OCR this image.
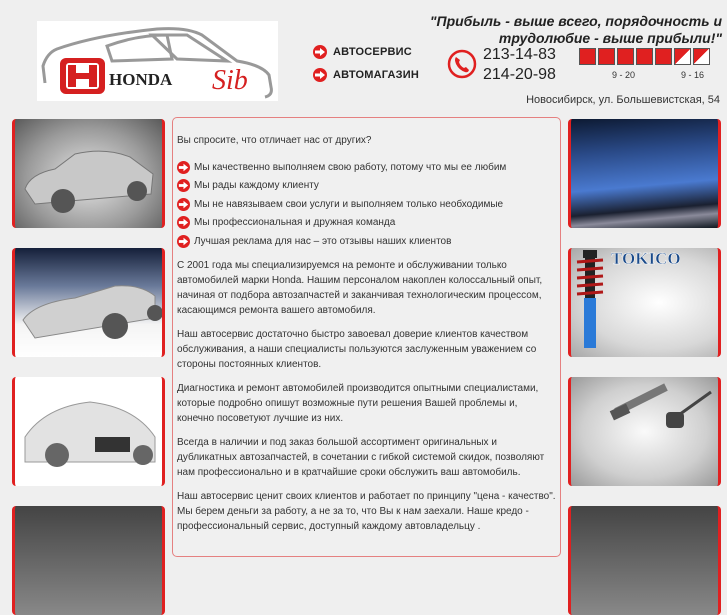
HONDA Sib
"Прибыль - выше всего, порядочность и трудолюбие - выше прибыли!"
АВТОСЕРВИС
АВТОМАГАЗИН
213-14-83
214-20-98	9 - 20	9 - 16
Новосибирск, ул. Большевистская, 54
TOKICO

Вы спросите, что отличает нас от других?

Мы качественно выполняем свою работу, потому что мы ее любим
Мы рады каждому клиенту
Мы не навязываем свои услуги и выполняем только необходимые
Мы профессиональная и дружная команда
Лучшая реклама для нас – это отзывы наших клиентов

С 2001 года мы специализируемся на ремонте и обслуживании только автомобилей марки Honda. Нашим персоналом накоплен колоссальный опыт, начиная от подбора автозапчастей и заканчивая технологическим процессом, касающимся ремонта вашего автомобиля.

Наш автосервис достаточно быстро завоевал доверие клиентов качеством обслуживания, а наши специалисты пользуются заслуженным уважением со стороны постоянных клиентов.

Диагностика и ремонт автомобилей производится опытными специалистами, которые подробно опишут возможные пути решения Вашей проблемы и, конечно посоветуют лучшие из них.

Всегда в наличии и под заказ большой ассортимент оригинальных и дубликатных автозапчастей, в сочетании с гибкой системой скидок, позволяют нам профессионально и в кратчайшие сроки обслужить ваш автомобиль.

Наш автосервис ценит своих клиентов и работает по принципу "цена - качество". Мы берем деньги за работу, а не за то, что Вы к нам заехали. Наше кредо - профессиональный сервис, доступный каждому автовладельцу .
